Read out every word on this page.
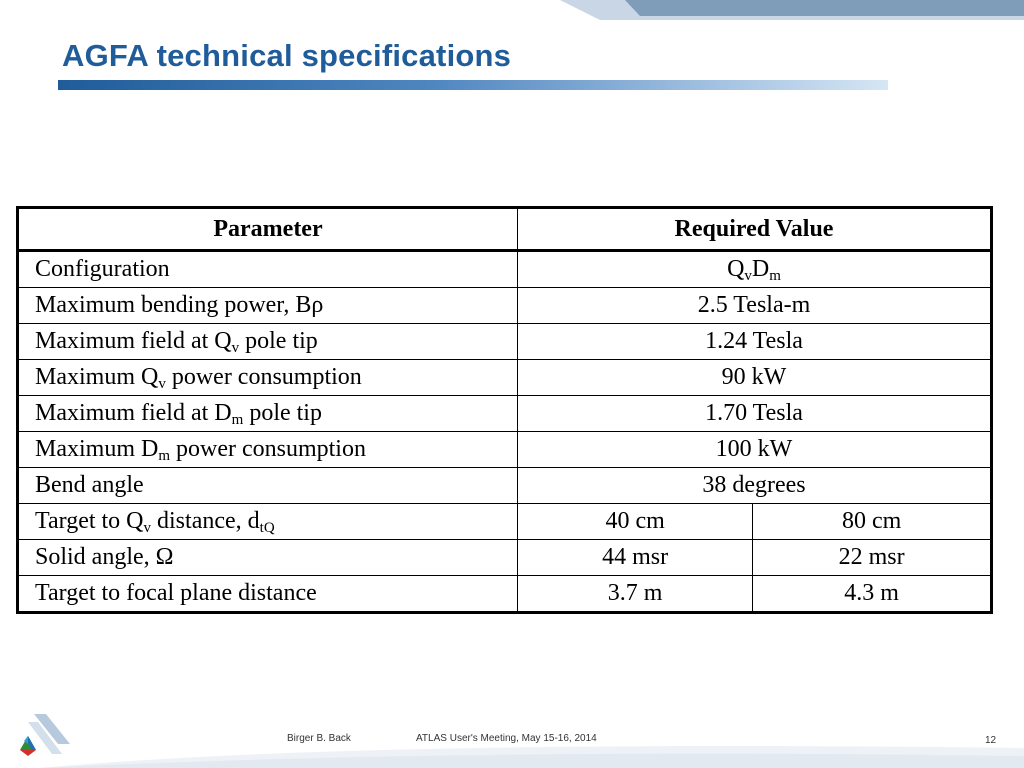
AGFA technical specifications
Parameter	Required Value	
Configuration	$Q_vD_m$
Maximum bending power, Bρ	2.5 Tesla-m	
Maximum field at $Q_v$ pole tip	1.24 Tesla	
Maximum $Q_v$ power consumption	90 kW	
Maximum field at $D_m$ pole tip	1.70 Tesla	
Maximum $D_m$ power consumption	100 kW	
Bend angle	38 degrees	
Target to $Q_v$ distance, $d_{tQ}$	40 cm	80 cm
Solid angle, Ω	44 msr	22 msr
Target to focal plane distance	3.7 m	4.3 m
Birger B. Back	ATLAS User's Meeting, May 15-16, 2014	12
